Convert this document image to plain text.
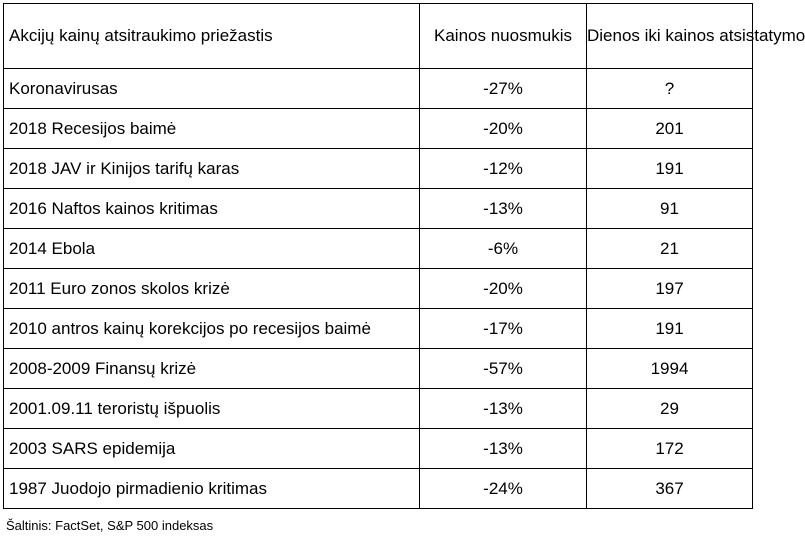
Akcijų kainų atsitraukimo priežastis	Kainos nuosmukis	Dienos iki kainos atsistatymo
Koronavirusas	-27%	?
2018 Recesijos baimė	-20%	201
2018 JAV ir Kinijos tarifų karas	-12%	191
2016 Naftos kainos kritimas	-13%	91
2014 Ebola	-6%	21
2011 Euro zonos skolos krizė	-20%	197
2010 antros kainų korekcijos po recesijos baimė	-17%	191
2008-2009 Finansų krizė	-57%	1994
2001.09.11 teroristų išpuolis	-13%	29
2003 SARS epidemija	-13%	172
1987 Juodojo pirmadienio kritimas	-24%	367
Šaltinis: FactSet, S&P 500 indeksas
